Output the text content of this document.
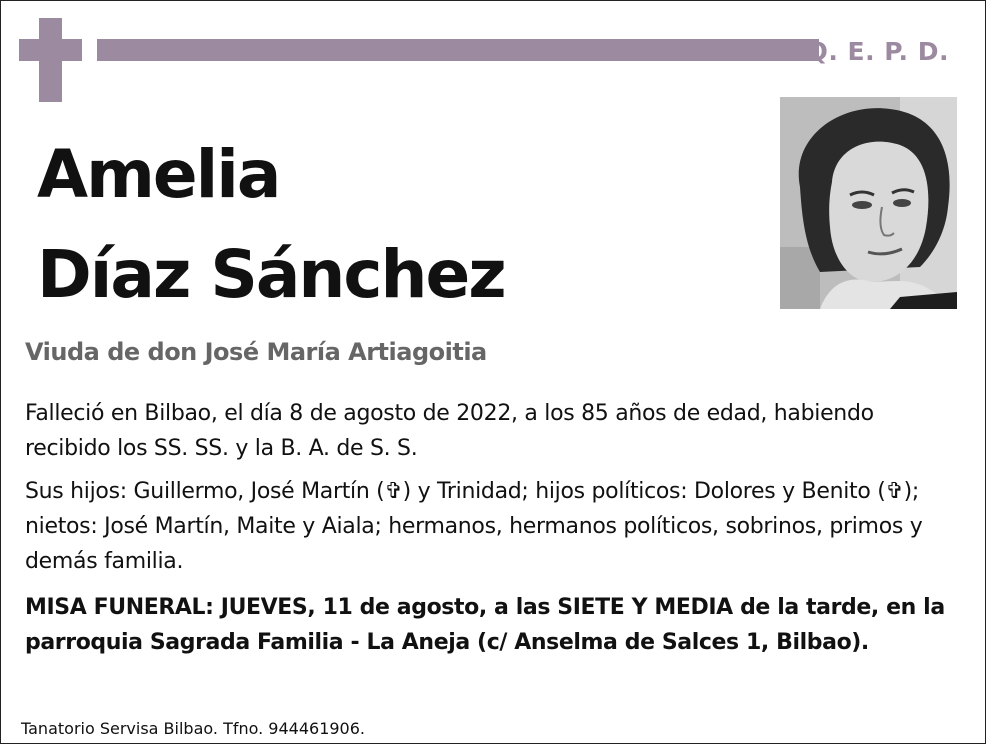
Q. E. P. D.
Amelia
Díaz Sánchez
Viuda de don José María Artiagoitia
Falleció en Bilbao, el día 8 de agosto de 2022, a los 85 años de edad, habiendo recibido los SS. SS. y la B. A. de S. S.
Sus hijos: Guillermo, José Martín (✞) y Trinidad; hijos políticos: Dolores y Benito (✞); nietos: José Martín, Maite y Aiala; hermanos, hermanos políticos, sobrinos, primos y demás familia.
MISA FUNERAL: JUEVES, 11 de agosto, a las SIETE Y MEDIA de la tarde, en la parroquia Sagrada Familia - La Aneja (c/ Anselma de Salces 1, Bilbao).
Tanatorio Servisa Bilbao. Tfno. 944461906.
